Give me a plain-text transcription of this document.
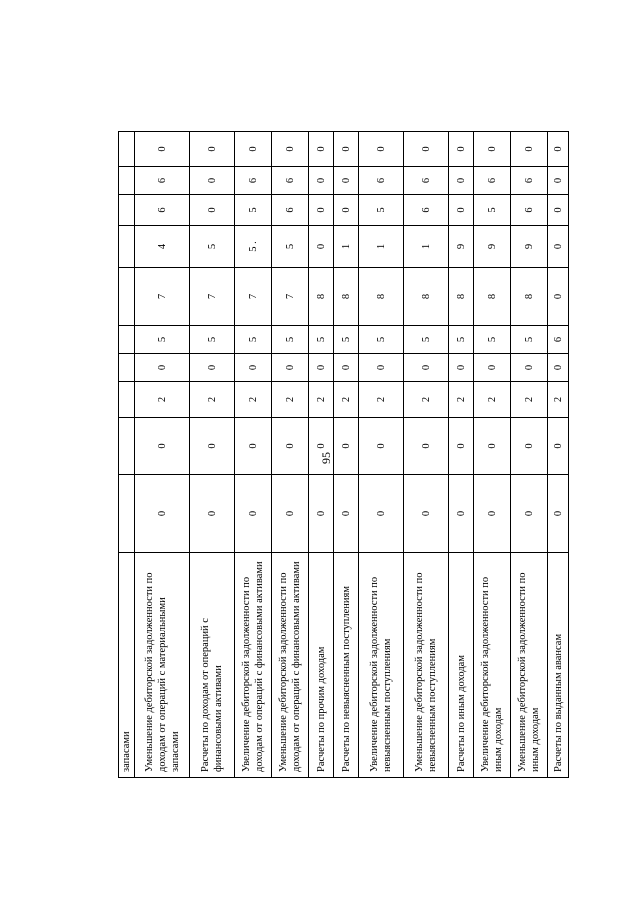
95
запасами										
Уменьшение дебиторской задолженности по доходам от операций с материальными запасами	0	0	2	0	5	7	4	6	6	0
Расчеты по доходам от операций с финансовыми активами	0	0	2	0	5	7	5	0	0	0
Увеличение дебиторской задолженности по доходам от операций с финансовыми активами	0	0	2	0	5	7	5 .	5	6	0
Уменьшение дебиторской задолженности по доходам от операций с финансовыми активами	0	0	2	0	5	7	5	6	6	0
Расчеты по прочим доходам	0	0	2	0	5	8	0	0	0	0
Расчеты по невыясненным поступлениям	0	0	2	0	5	8	1	0	0	0
Увеличение дебиторской задолженности по невыясненным поступлениям	0	0	2	0	5	8	1	5	6	0
Уменьшение дебиторской задолженности по невыясненным поступлениям	0	0	2	0	5	8	1	6	6	0
Расчеты по иным доходам	0	0	2	0	5	8	9	0	0	0
Увеличение дебиторской задолженности по иным доходам	0	0	2	0	5	8	9	5	6	0
Уменьшение дебиторской задолженности по иным доходам	0	0	2	0	5	8	9	6	6	0
Расчеты по выданным авансам	0	0	2	0	6	0	0	0	0	0
